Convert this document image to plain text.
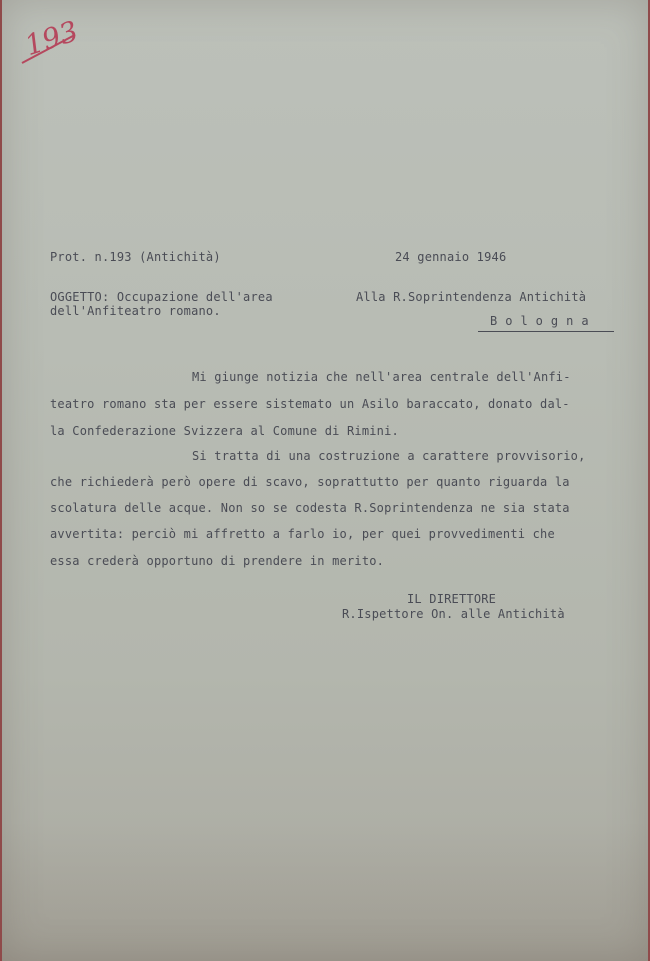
193

Prot. n.193 (Antichità)	24 gennaio 1946

OGGETTO: Occupazione dell'area

dell'Anfiteatro romano.

Alla R.Soprintendenza Antichità

Bologna

Mi giunge notizia che nell'area centrale dell'Anfi-

teatro romano sta per essere sistemato un Asilo baraccato, donato dal-

la Confederazione Svizzera al Comune di Rimini.

Si tratta di una costruzione a carattere provvisorio,

che richiederà però opere di scavo, soprattutto per quanto riguarda la

scolatura delle acque. Non so se codesta R.Soprintendenza ne sia stata

avvertita: perciò mi affretto a farlo io, per quei provvedimenti che

essa crederà opportuno di prendere in merito.

IL DIRETTORE

R.Ispettore On. alle Antichità
